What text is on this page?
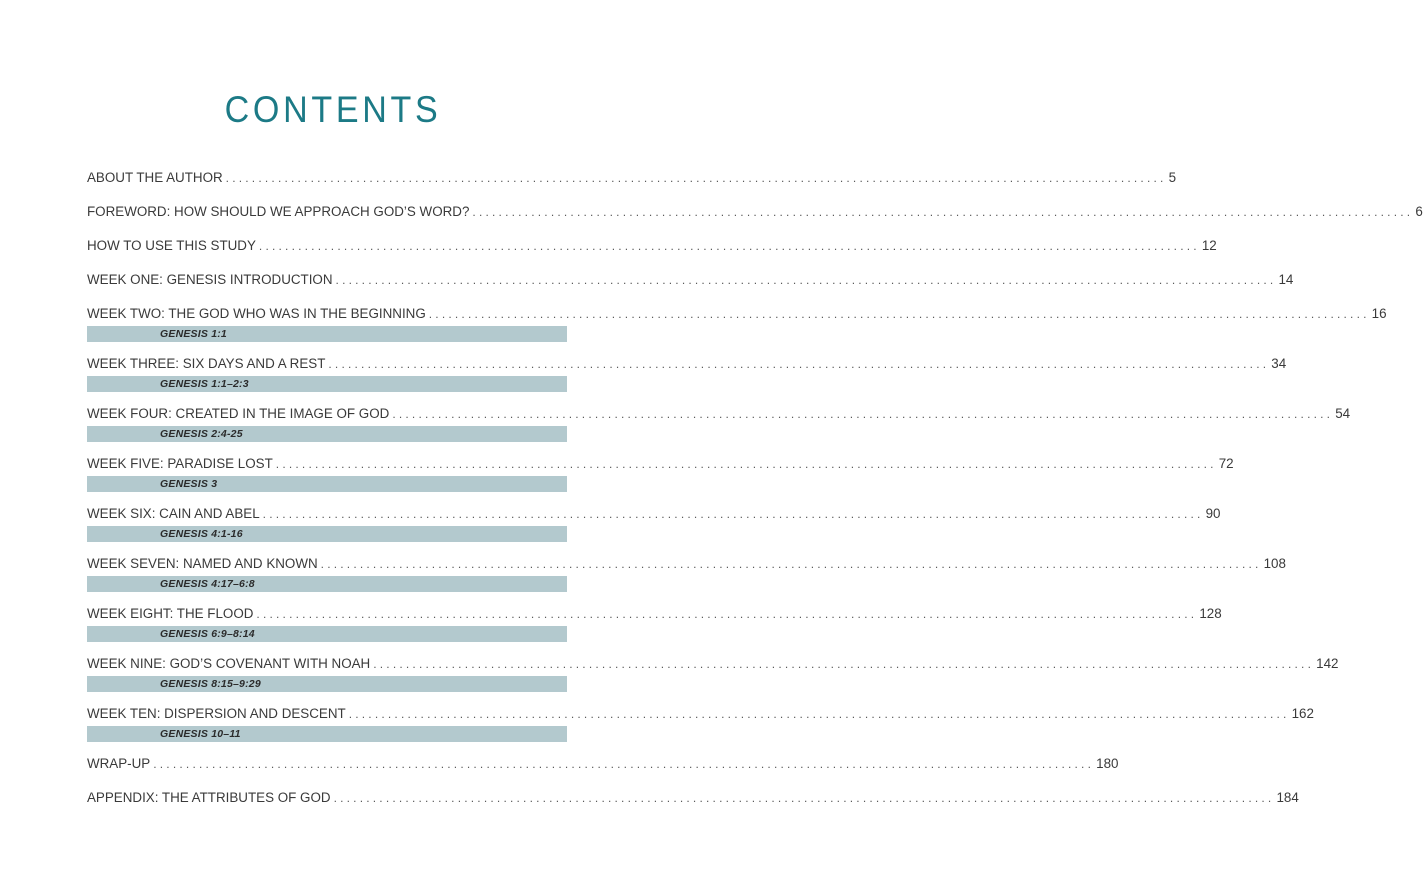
CONTENTS
ABOUT THE AUTHOR ................................................................................................................................................ 5
FOREWORD: HOW SHOULD WE APPROACH GOD’S WORD? ................................................................................................................................................ 6
HOW TO USE THIS STUDY ................................................................................................................................................ 12
WEEK ONE: GENESIS INTRODUCTION ................................................................................................................................................ 14
WEEK TWO: THE GOD WHO WAS IN THE BEGINNING ................................................................................................................................................ 16
GENESIS 1:1
WEEK THREE: SIX DAYS AND A REST ................................................................................................................................................ 34
GENESIS 1:1–2:3
WEEK FOUR: CREATED IN THE IMAGE OF GOD ................................................................................................................................................ 54
GENESIS 2:4-25
WEEK FIVE: PARADISE LOST ................................................................................................................................................ 72
GENESIS 3
WEEK SIX: CAIN AND ABEL ................................................................................................................................................ 90
GENESIS 4:1-16
WEEK SEVEN: NAMED AND KNOWN ................................................................................................................................................ 108
GENESIS 4:17–6:8
WEEK EIGHT: THE FLOOD ................................................................................................................................................ 128
GENESIS 6:9–8:14
WEEK NINE: GOD’S COVENANT WITH NOAH ................................................................................................................................................ 142
GENESIS 8:15–9:29
WEEK TEN: DISPERSION AND DESCENT ................................................................................................................................................ 162
GENESIS 10–11
WRAP-UP ................................................................................................................................................ 180
APPENDIX: THE ATTRIBUTES OF GOD ................................................................................................................................................ 184
